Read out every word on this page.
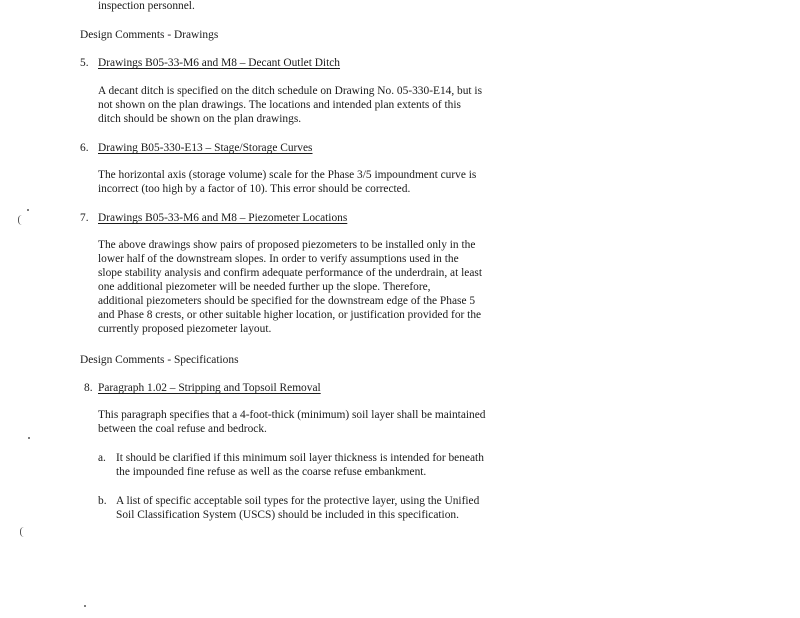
inspection personnel.
Design Comments - Drawings
5. Drawings B05-33-M6 and M8 – Decant Outlet Ditch
A decant ditch is specified on the ditch schedule on Drawing No. 05-330-E14, but is
not shown on the plan drawings. The locations and intended plan extents of this
ditch should be shown on the plan drawings.
6. Drawing B05-330-E13 – Stage/Storage Curves
The horizontal axis (storage volume) scale for the Phase 3/5 impoundment curve is
incorrect (too high by a factor of 10). This error should be corrected.
7. Drawings B05-33-M6 and M8 – Piezometer Locations
The above drawings show pairs of proposed piezometers to be installed only in the
lower half of the downstream slopes. In order to verify assumptions used in the
slope stability analysis and confirm adequate performance of the underdrain, at least
one additional piezometer will be needed further up the slope. Therefore,
additional piezometers should be specified for the downstream edge of the Phase 5
and Phase 8 crests, or other suitable higher location, or justification provided for the
currently proposed piezometer layout.
Design Comments - Specifications
8. Paragraph 1.02 – Stripping and Topsoil Removal
This paragraph specifies that a 4-foot-thick (minimum) soil layer shall be maintained
between the coal refuse and bedrock.
a. It should be clarified if this minimum soil layer thickness is intended for beneath
the impounded fine refuse as well as the coarse refuse embankment.
b. A list of specific acceptable soil types for the protective layer, using the Unified
Soil Classification System (USCS) should be included in this specification.
